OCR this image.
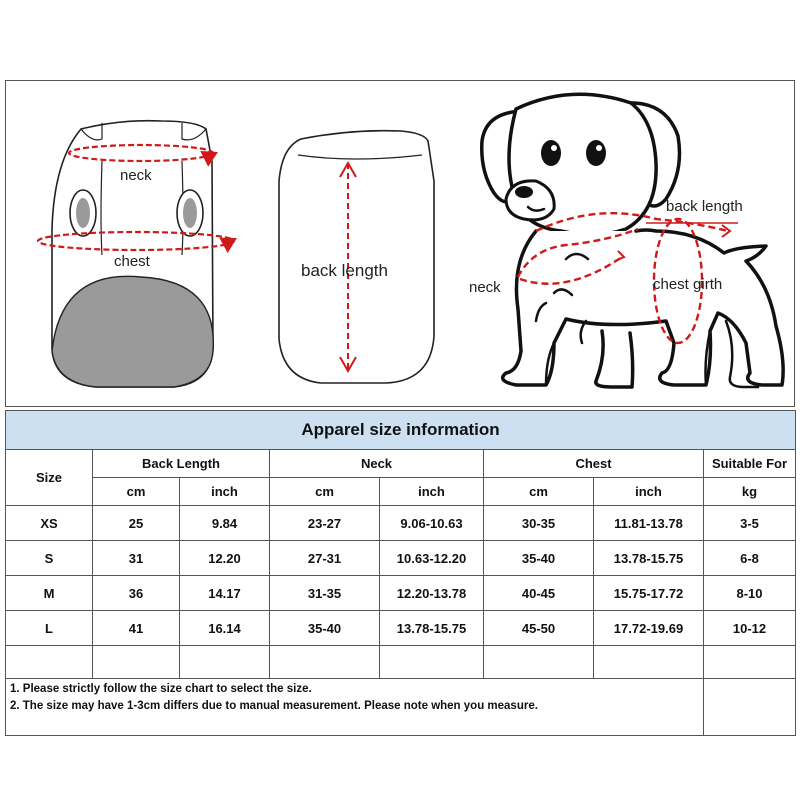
neck
chest	back length
back length
neck	chest girth
Apparel size information							
Size	Back Length		Neck		Chest		Suitable For
	cm	inch	cm	inch	cm	inch	kg
XS	25	9.84	23-27	9.06-10.63	30-35	11.81-13.78	3-5
S	31	12.20	27-31	10.63-12.20	35-40	13.78-15.75	6-8
M	36	14.17	31-35	12.20-13.78	40-45	15.75-17.72	8-10
L	41	16.14	35-40	13.78-15.75	45-50	17.72-19.69	10-12

1. Please strictly follow the size chart to select the size.
2. The size may have 1-3cm differs due to manual measurement. Please note when you measure.							
